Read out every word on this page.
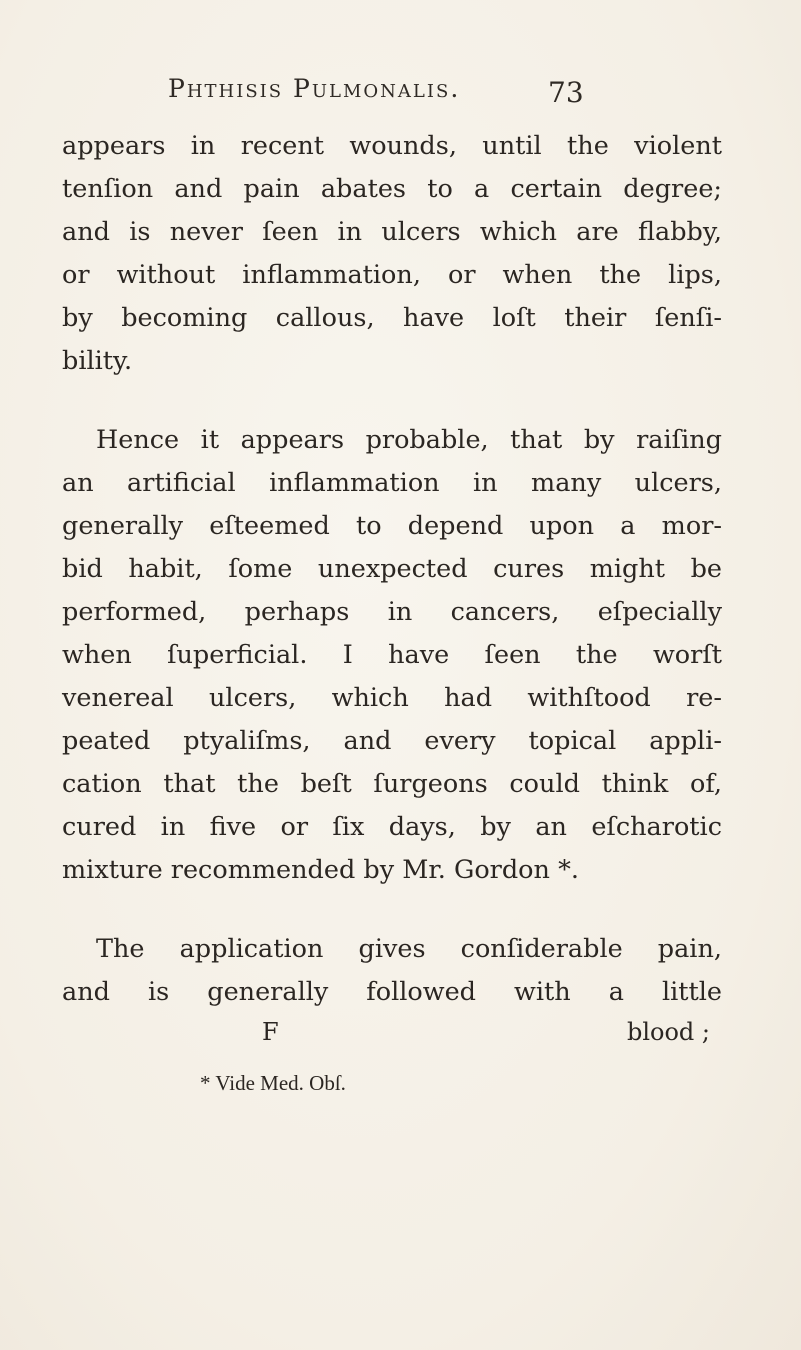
Phthisis Pulmonalis.	73
appears in recent wounds, until the violent
tenſion and pain abates to a certain degree;
and is never ſeen in ulcers which are flabby,
or without inflammation, or when the lips,
by becoming callous, have loſt their ſenſi-
bility.
Hence it appears probable, that by raiſing
an artificial inflammation in many ulcers,
generally eſteemed to depend upon a mor-
bid habit, ſome unexpected cures might be
performed, perhaps in cancers, eſpecially
when ſuperficial. I have ſeen the worſt
venereal ulcers, which had withſtood re-
peated ptyaliſms, and every topical appli-
cation that the beſt ſurgeons could think of,
cured in five or ſix days, by an eſcharotic
mixture recommended by Mr. Gordon *.
The application gives conſiderable pain,
and is generally followed with a little
F	blood ;
* Vide Med. Obſ.
